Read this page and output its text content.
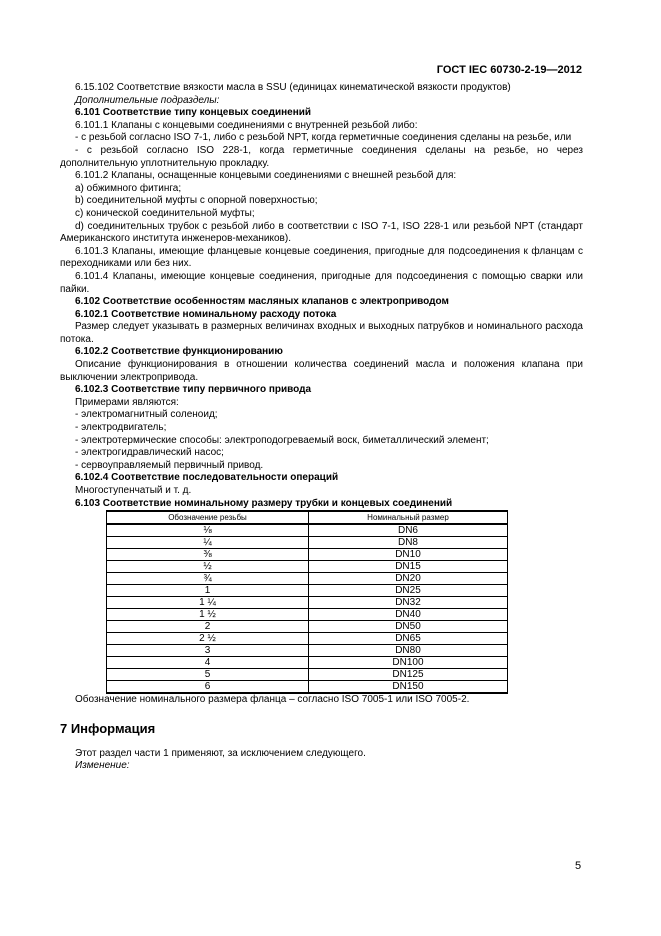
ГОСТ IEC 60730-2-19—2012

6.15.102 Соответствие вязкости масла в SSU (единицах кинематической вязкости продуктов)

Дополнительные подразделы:

6.101 Соответствие типу концевых соединений

6.101.1 Клапаны с концевыми соединениями с внутренней резьбой либо:

- с резьбой согласно ISO 7-1, либо с резьбой NPT, когда герметичные соединения сделаны на резьбе, или

- с резьбой согласно ISO 228-1, когда герметичные соединения сделаны на резьбе, но через дополнительную уплотнительную прокладку.

6.101.2 Клапаны, оснащенные концевыми соединениями с внешней резьбой для:

а) обжимного фитинга;

b) соединительной муфты с опорной поверхностью;

с) конической соединительной муфты;

d) соединительных трубок с резьбой либо в соответствии с ISO 7-1, ISO 228-1 или резьбой NPT (стандарт Американского института инженеров-механиков).

6.101.3 Клапаны, имеющие фланцевые концевые соединения, пригодные для подсоединения к фланцам с переходниками или без них.

6.101.4 Клапаны, имеющие концевые соединения, пригодные для подсоединения с помощью сварки или пайки.

6.102 Соответствие особенностям масляных клапанов с электроприводом

6.102.1 Соответствие номинальному расходу потока

Размер следует указывать в размерных величинах входных и выходных патрубков и номинального расхода потока.

6.102.2 Соответствие функционированию

Описание функционирования в отношении количества соединений масла и положения клапана при выключении электропривода.

6.102.3 Соответствие типу первичного привода

Примерами являются:

- электромагнитный соленоид;

- электродвигатель;

- электротермические способы: электроподогреваемый воск, биметаллический элемент;

- электрогидравлический насос;

- сервоуправляемый первичный привод.

6.102.4 Соответствие последовательности операций

Многоступенчатый и т. д.

6.103 Соответствие номинальному размеру трубки и концевых соединений

Обозначение резьбы	Номинальный размер
⅛	DN6
¼	DN8
⅜	DN10
½	DN15
¾	DN20
1	DN25
1 ¼	DN32
1 ½	DN40
2	DN50
2 ½	DN65
3	DN80
4	DN100
5	DN125
6	DN150

Обозначение номинального размера фланца – согласно ISO 7005-1 или ISO 7005-2.

7 Информация

Этот раздел части 1 применяют, за исключением следующего.

Изменение:

5
